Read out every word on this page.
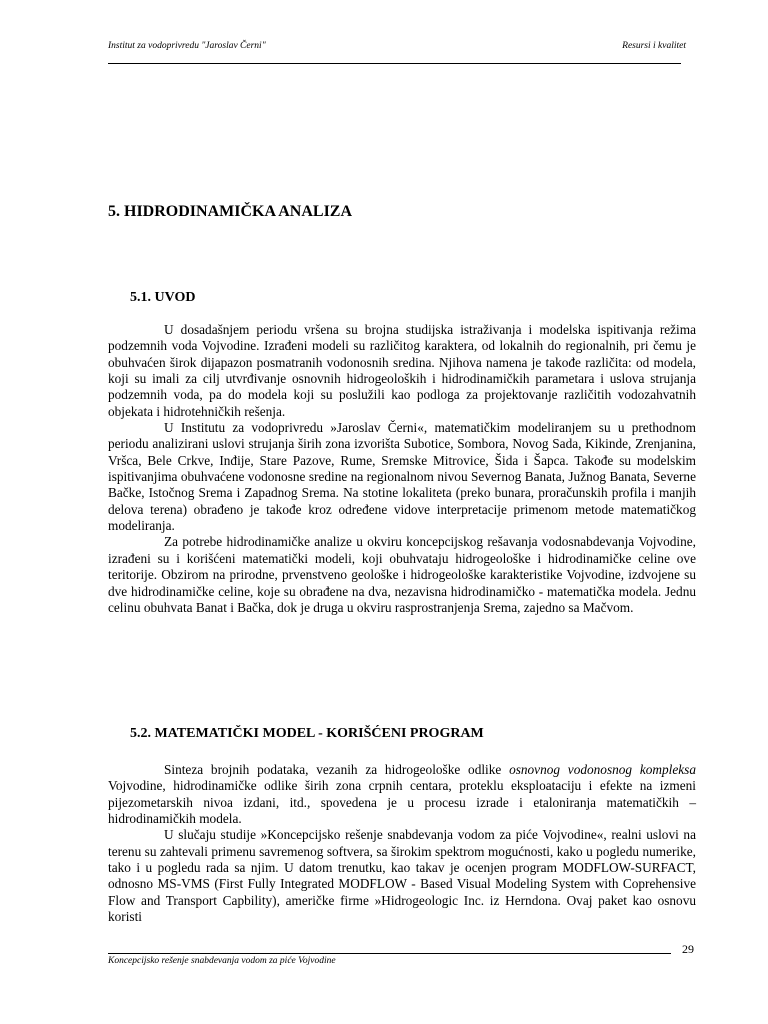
Institut za vodoprivredu "Jaroslav Černi"	Resursi i kvalitet
5. HIDRODINAMIČKA ANALIZA
5.1. UVOD

U dosadašnjem periodu vršena su brojna studijska istraživanja i modelska ispitivanja režima podzemnih voda Vojvodine. Izrađeni modeli su različitog karaktera, od lokalnih do regionalnih, pri čemu je obuhvaćen širok dijapazon posmatranih vodonosnih sredina. Njihova namena je takođe različita: od modela, koji su imali za cilj utvrđivanje osnovnih hidrogeoloških i hidrodinamičkih parametara i uslova strujanja podzemnih voda, pa do modela koji su poslužili kao podloga za projektovanje različitih vodozahvatnih objekata i hidrotehničkih rešenja.

U Institutu za vodoprivredu »Jaroslav Černi«, matematičkim modeliranjem su u prethodnom periodu analizirani uslovi strujanja širih zona izvorišta Subotice, Sombora, Novog Sada, Kikinde, Zrenjanina, Vršca, Bele Crkve, Inđije, Stare Pazove, Rume, Sremske Mitrovice, Šida i Šapca. Takođe su modelskim ispitivanjima obuhvaćene vodonosne sredine na regionalnom nivou Severnog Banata, Južnog Banata, Severne Bačke, Istočnog Srema i Zapadnog Srema. Na stotine lokaliteta (preko bunara, proračunskih profila i manjih delova terena) obrađeno je takođe kroz određene vidove interpretacije primenom metode matematičkog modeliranja.

Za potrebe hidrodinamičke analize u okviru koncepcijskog rešavanja vodosnabdevanja Vojvodine, izrađeni su i korišćeni matematički modeli, koji obuhvataju hidrogeološke i hidrodinamičke celine ove teritorije. Obzirom na prirodne, prvenstveno geološke i hidrogeološke karakteristike Vojvodine, izdvojene su dve hidrodinamičke celine, koje su obrađene na dva, nezavisna hidrodinamičko - matematička modela. Jednu celinu obuhvata Banat i Bačka, dok je druga u okviru rasprostranjenja Srema, zajedno sa Mačvom.

5.2. MATEMATIČKI MODEL - KORIŠĆENI PROGRAM

Sinteza brojnih podataka, vezanih za hidrogeološke odlike osnovnog vodonosnog kompleksa Vojvodine, hidrodinamičke odlike širih zona crpnih centara, proteklu eksploataciju i efekte na izmeni pijezometarskih nivoa izdani, itd., spovedena je u procesu izrade i etaloniranja matematičkih – hidrodinamičkih modela.

U slučaju studije »Koncepcijsko rešenje snabdevanja vodom za piće Vojvodine«, realni uslovi na terenu su zahtevali primenu savremenog softvera, sa širokim spektrom mogućnosti, kako u pogledu numerike, tako i u pogledu rada sa njim. U datom trenutku, kao takav je ocenjen program MODFLOW-SURFACT, odnosno MS-VMS (First Fully Integrated MODFLOW - Based Visual Modeling System with Coprehensive Flow and Transport Capbility), američke firme »Hidrogeologic Inc. iz Herndona. Ovaj paket kao osnovu koristi

29
Koncepcijsko rešenje snabdevanja vodom za piće Vojvodine
